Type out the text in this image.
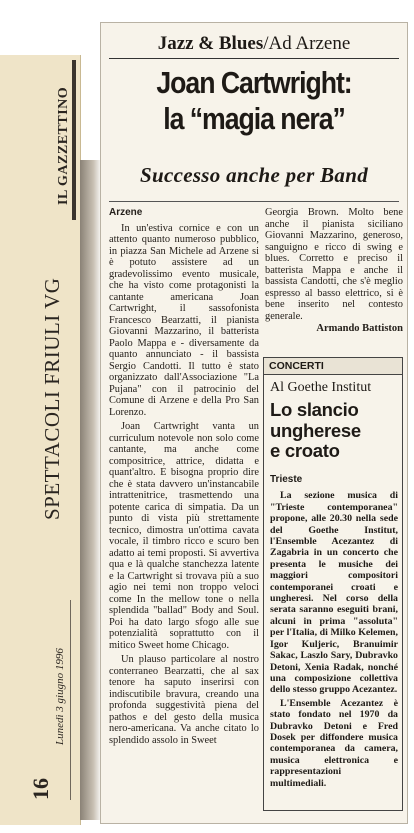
IL GAZZETTINO
SPETTACOLI FRIULI VG
Lunedì 3 giugno 1996
16
Jazz & Blues/Ad Arzene
Joan Cartwright:
la “magia nera”
Successo anche per Band
Arzene

In un'estiva cornice e con un attento quanto numeroso pubblico, in piazza San Michele ad Arzene si è potuto assistere ad un gradevolissimo evento musicale, che ha visto come protagonisti la cantante americana Joan Cartwright, il sassofonista Francesco Bearzatti, il pianista Giovanni Mazzarino, il batterista Paolo Mappa e - diversamente da quanto annunciato - il bassista Sergio Candotti. Il tutto è stato organizzato dall'Associazione "La Pujana" con il patrocinio del Comune di Arzene e della Pro San Lorenzo.

Joan Cartwright vanta un curriculum notevole non solo come cantante, ma anche come compositrice, attrice, didatta e quant'altro. E bisogna proprio dire che è stata davvero un'instancabile intrattenitrice, trasmettendo una potente carica di simpatia. Da un punto di vista più strettamente tecnico, dimostra un'ottima cavata vocale, il timbro ricco e scuro ben adatto ai temi proposti. Si avvertiva qua e là qualche stanchezza latente e la Cartwright si trovava più a suo agio nei temi non troppo veloci come In the mellow tone o nella splendida "ballad" Body and Soul. Poi ha dato largo sfogo alle sue potenzialità soprattutto con il mitico Sweet home Chicago.

Un plauso particolare al nostro conterraneo Bearzatti, che al sax tenore ha saputo inserirsi con indiscutibile bravura, creando una profonda suggestività piena del pathos e del gesto della musica nero-americana. Va anche citato lo splendido assolo in Sweet

Georgia Brown. Molto bene anche il pianista siciliano Giovanni Mazzarino, generoso, sanguigno e ricco di swing e blues. Corretto e preciso il batterista Mappa e anche il bassista Candotti, che s'è meglio espresso al basso elettrico, si è bene inserito nel contesto generale.
Armando Battiston
CONCERTI
Al Goethe Institut
Lo slancio
ungherese
e croato
Trieste

La sezione musica di "Trieste contemporanea" propone, alle 20.30 nella sede del Goethe Institut, l'Ensemble Acezantez di Zagabria in un concerto che presenta le musiche dei maggiori compositori contemporanei croati e ungheresi. Nel corso della serata saranno eseguiti brani, alcuni in prima "assoluta" per l'Italia, di Milko Kelemen, Igor Kuljeric, Branuimir Sakac, Laszlo Sary, Dubravko Detoni, Xenia Radak, nonché una composizione collettiva dello stesso gruppo Acezantez.

L'Ensemble Acezantez è stato fondato nel 1970 da Dubravko Detoni e Fred Dosek per diffondere musica contemporanea da camera, musica elettronica e rappresentazioni multimediali.
